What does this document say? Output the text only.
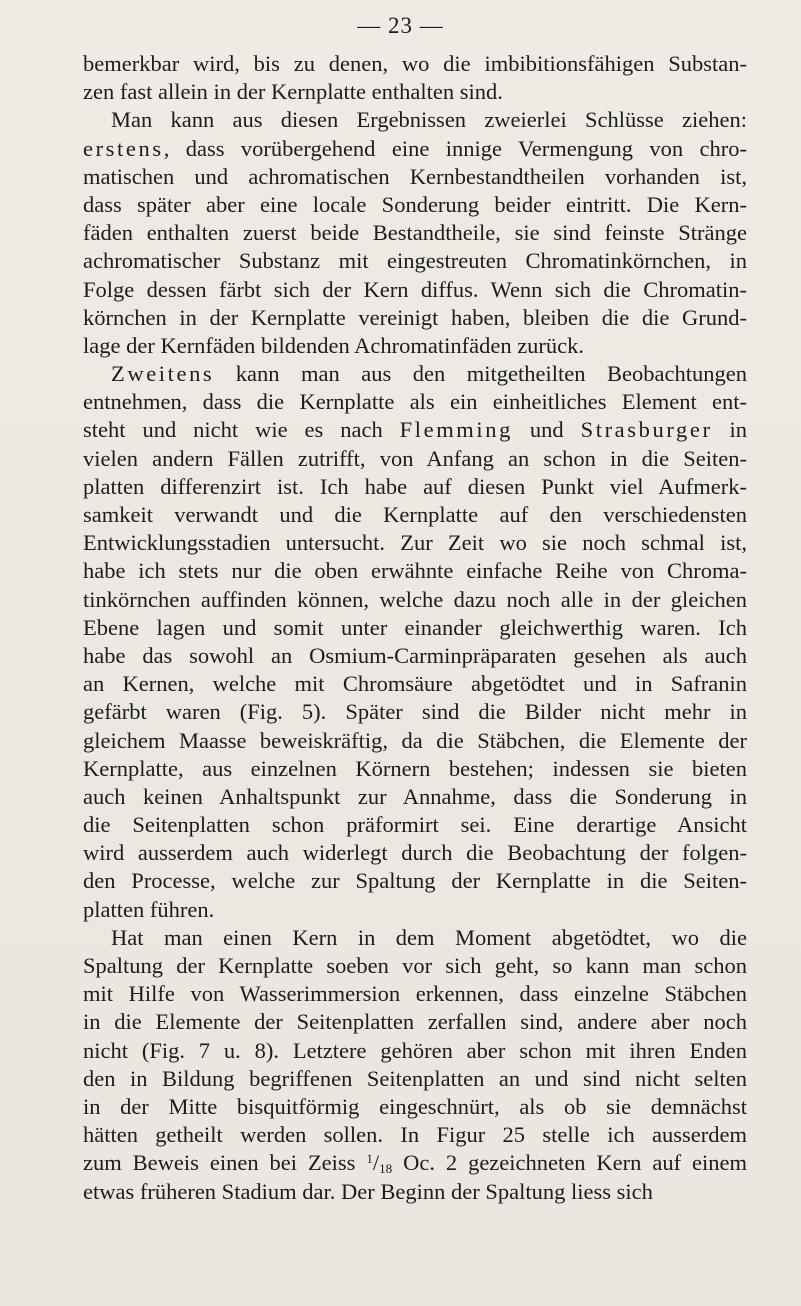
— 23 —
bemerkbar wird, bis zu denen, wo die imbibitionsfähigen Substan-
zen fast allein in der Kernplatte enthalten sind.
Man kann aus diesen Ergebnissen zweierlei Schlüsse ziehen:
erstens, dass vorübergehend eine innige Vermengung von chro-
matischen und achromatischen Kernbestandtheilen vorhanden ist,
dass später aber eine locale Sonderung beider eintritt. Die Kern-
fäden enthalten zuerst beide Bestandtheile, sie sind feinste Stränge
achromatischer Substanz mit eingestreuten Chromatinkörnchen, in
Folge dessen färbt sich der Kern diffus. Wenn sich die Chromatin-
körnchen in der Kernplatte vereinigt haben, bleiben die die Grund-
lage der Kernfäden bildenden Achromatinfäden zurück.
Zweitens kann man aus den mitgetheilten Beobachtungen
entnehmen, dass die Kernplatte als ein einheitliches Element ent-
steht und nicht wie es nach Flemming und Strasburger in
vielen andern Fällen zutrifft, von Anfang an schon in die Seiten-
platten differenzirt ist. Ich habe auf diesen Punkt viel Aufmerk-
samkeit verwandt und die Kernplatte auf den verschiedensten
Entwicklungsstadien untersucht. Zur Zeit wo sie noch schmal ist,
habe ich stets nur die oben erwähnte einfache Reihe von Chroma-
tinkörnchen auffinden können, welche dazu noch alle in der gleichen
Ebene lagen und somit unter einander gleichwerthig waren. Ich
habe das sowohl an Osmium-Carminpräparaten gesehen als auch
an Kernen, welche mit Chromsäure abgetödtet und in Safranin
gefärbt waren (Fig. 5). Später sind die Bilder nicht mehr in
gleichem Maasse beweiskräftig, da die Stäbchen, die Elemente der
Kernplatte, aus einzelnen Körnern bestehen; indessen sie bieten
auch keinen Anhaltspunkt zur Annahme, dass die Sonderung in
die Seitenplatten schon präformirt sei. Eine derartige Ansicht
wird ausserdem auch widerlegt durch die Beobachtung der folgen-
den Processe, welche zur Spaltung der Kernplatte in die Seiten-
platten führen.
Hat man einen Kern in dem Moment abgetödtet, wo die
Spaltung der Kernplatte soeben vor sich geht, so kann man schon
mit Hilfe von Wasserimmersion erkennen, dass einzelne Stäbchen
in die Elemente der Seitenplatten zerfallen sind, andere aber noch
nicht (Fig. 7 u. 8). Letztere gehören aber schon mit ihren Enden
den in Bildung begriffenen Seitenplatten an und sind nicht selten
in der Mitte bisquitförmig eingeschnürt, als ob sie demnächst
hätten getheilt werden sollen. In Figur 25 stelle ich ausserdem
zum Beweis einen bei Zeiss $^1/_{18}$ Oc. 2 gezeichneten Kern auf einem
etwas früheren Stadium dar. Der Beginn der Spaltung liess sich
